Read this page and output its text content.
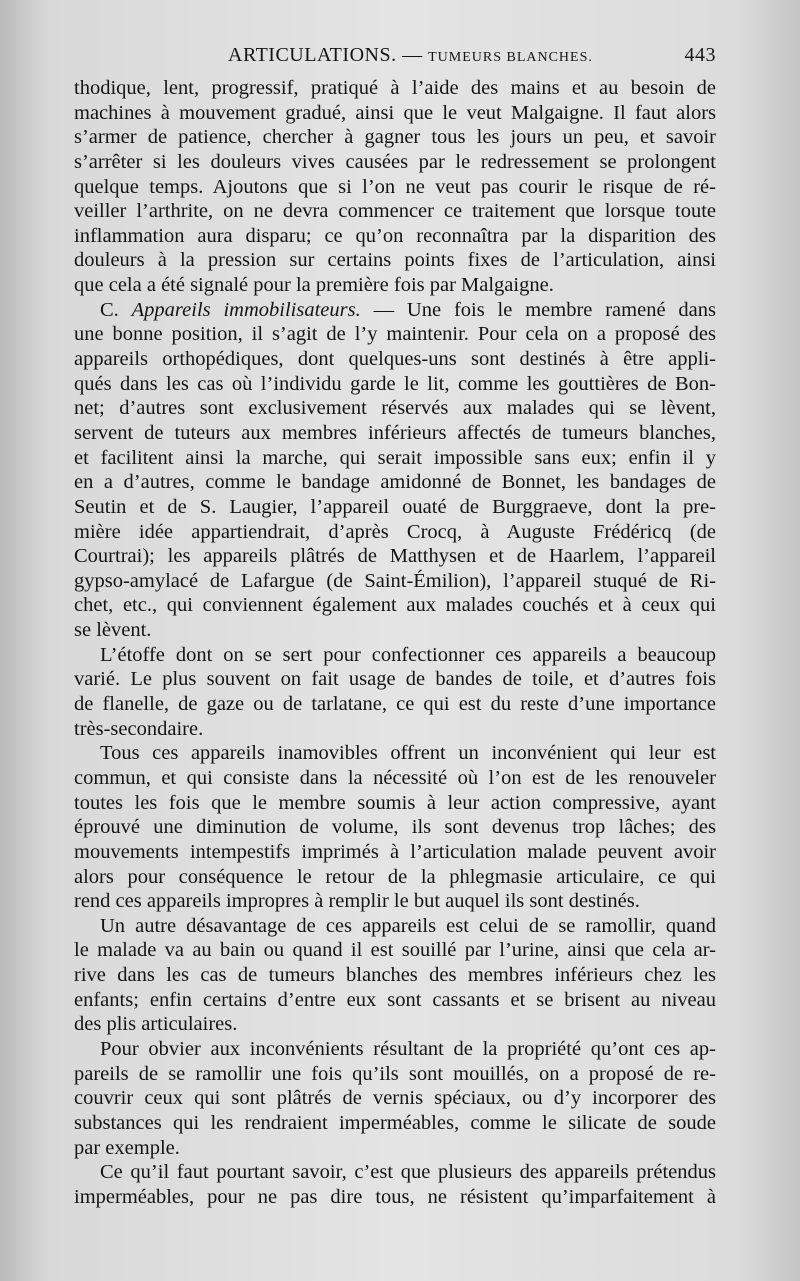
ARTICULATIONS. — TUMEURS BLANCHES.	443
thodique, lent, progressif, pratiqué à l’aide des mains et au besoin de
machines à mouvement gradué, ainsi que le veut Malgaigne. Il faut alors
s’armer de patience, chercher à gagner tous les jours un peu, et savoir
s’arrêter si les douleurs vives causées par le redressement se prolongent
quelque temps. Ajoutons que si l’on ne veut pas courir le risque de ré-
veiller l’arthrite, on ne devra commencer ce traitement que lorsque toute
inflammation aura disparu; ce qu’on reconnaîtra par la disparition des
douleurs à la pression sur certains points fixes de l’articulation, ainsi
que cela a été signalé pour la première fois par Malgaigne.
C. Appareils immobilisateurs. — Une fois le membre ramené dans
une bonne position, il s’agit de l’y maintenir. Pour cela on a proposé des
appareils orthopédiques, dont quelques-uns sont destinés à être appli-
qués dans les cas où l’individu garde le lit, comme les gouttières de Bon-
net; d’autres sont exclusivement réservés aux malades qui se lèvent,
servent de tuteurs aux membres inférieurs affectés de tumeurs blanches,
et facilitent ainsi la marche, qui serait impossible sans eux; enfin il y
en a d’autres, comme le bandage amidonné de Bonnet, les bandages de
Seutin et de S. Laugier, l’appareil ouaté de Burggraeve, dont la pre-
mière idée appartiendrait, d’après Crocq, à Auguste Frédéricq (de
Courtrai); les appareils plâtrés de Matthysen et de Haarlem, l’appareil
gypso-amylacé de Lafargue (de Saint-Émilion), l’appareil stuqué de Ri-
chet, etc., qui conviennent également aux malades couchés et à ceux qui
se lèvent.
L’étoffe dont on se sert pour confectionner ces appareils a beaucoup
varié. Le plus souvent on fait usage de bandes de toile, et d’autres fois
de flanelle, de gaze ou de tarlatane, ce qui est du reste d’une importance
très-secondaire.
Tous ces appareils inamovibles offrent un inconvénient qui leur est
commun, et qui consiste dans la nécessité où l’on est de les renouveler
toutes les fois que le membre soumis à leur action compressive, ayant
éprouvé une diminution de volume, ils sont devenus trop lâches; des
mouvements intempestifs imprimés à l’articulation malade peuvent avoir
alors pour conséquence le retour de la phlegmasie articulaire, ce qui
rend ces appareils impropres à remplir le but auquel ils sont destinés.
Un autre désavantage de ces appareils est celui de se ramollir, quand
le malade va au bain ou quand il est souillé par l’urine, ainsi que cela ar-
rive dans les cas de tumeurs blanches des membres inférieurs chez les
enfants; enfin certains d’entre eux sont cassants et se brisent au niveau
des plis articulaires.
Pour obvier aux inconvénients résultant de la propriété qu’ont ces ap-
pareils de se ramollir une fois qu’ils sont mouillés, on a proposé de re-
couvrir ceux qui sont plâtrés de vernis spéciaux, ou d’y incorporer des
substances qui les rendraient imperméables, comme le silicate de soude
par exemple.
Ce qu’il faut pourtant savoir, c’est que plusieurs des appareils prétendus
imperméables, pour ne pas dire tous, ne résistent qu’imparfaitement à
